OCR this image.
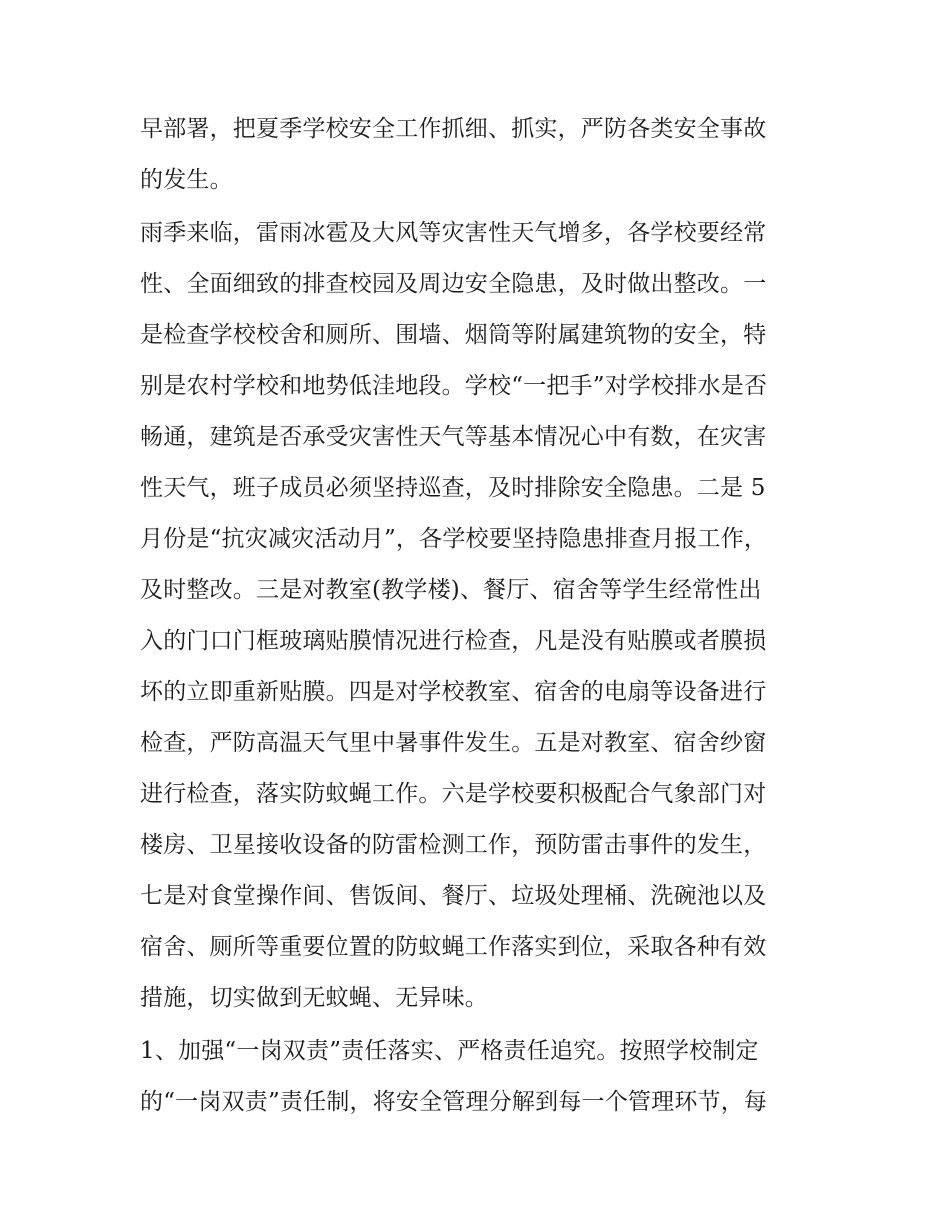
早部署，把夏季学校安全工作抓细、抓实，严防各类安全事故
的发生。
雨季来临，雷雨冰雹及大风等灾害性天气增多，各学校要经常
性、全面细致的排查校园及周边安全隐患，及时做出整改。一
是检查学校校舍和厕所、围墙、烟筒等附属建筑物的安全，特
别是农村学校和地势低洼地段。学校“一把手”对学校排水是否
畅通，建筑是否承受灾害性天气等基本情况心中有数，在灾害
性天气，班子成员必须坚持巡查，及时排除安全隐患。二是 5
月份是“抗灾减灾活动月”，各学校要坚持隐患排查月报工作，
及时整改。三是对教室(教学楼)、餐厅、宿舍等学生经常性出
入的门口门框玻璃贴膜情况进行检查，凡是没有贴膜或者膜损
坏的立即重新贴膜。四是对学校教室、宿舍的电扇等设备进行
检查，严防高温天气里中暑事件发生。五是对教室、宿舍纱窗
进行检查，落实防蚊蝇工作。六是学校要积极配合气象部门对
楼房、卫星接收设备的防雷检测工作，预防雷击事件的发生，
七是对食堂操作间、售饭间、餐厅、垃圾处理桶、洗碗池以及
宿舍、厕所等重要位置的防蚊蝇工作落实到位，采取各种有效
措施，切实做到无蚊蝇、无异味。
1、加强“一岗双责”责任落实、严格责任追究。按照学校制定
的“一岗双责”责任制，将安全管理分解到每一个管理环节，每
